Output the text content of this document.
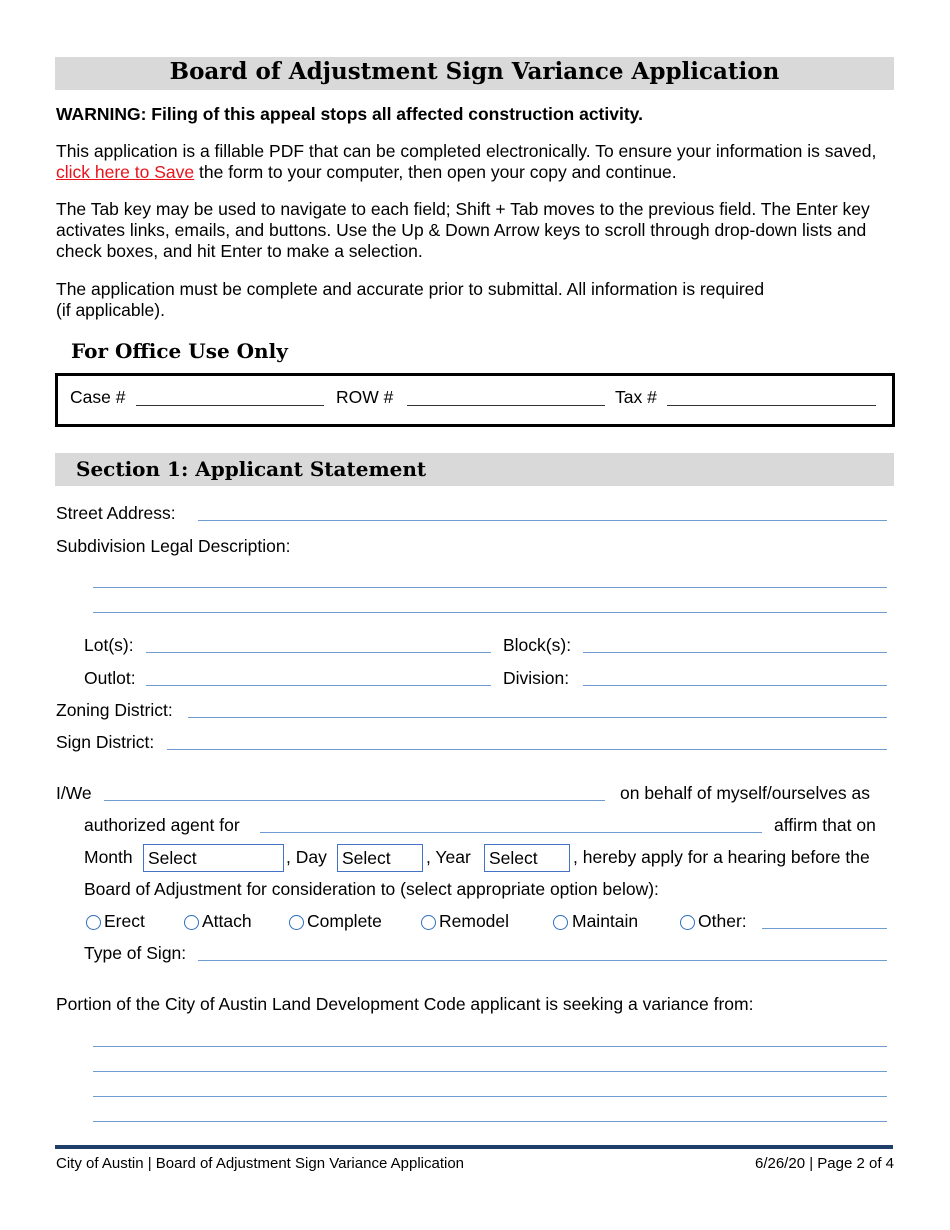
Board of Adjustment Sign Variance Application
WARNING: Filing of this appeal stops all affected construction activity.
This application is a fillable PDF that can be completed electronically. To ensure your information is saved, click here to Save the form to your computer, then open your copy and continue.
The Tab key may be used to navigate to each field; Shift + Tab moves to the previous field. The Enter key activates links, emails, and buttons. Use the Up & Down Arrow keys to scroll through drop-down lists and check boxes, and hit Enter to make a selection.
The application must be complete and accurate prior to submittal. All information is required
(if applicable).
For Office Use Only
Case #	ROW #	Tax #
Section 1: Applicant Statement
Street Address:
Subdivision Legal Description:
Lot(s):	Block(s):
Outlot:	Division:
Zoning District:
Sign District:
I/We	on behalf of myself/ourselves as
authorized agent for	affirm that on
Month Select	, Day Select	, Year Select	, hereby apply for a hearing before the
Board of Adjustment for consideration to (select appropriate option below):
Erect	Attach	Complete	Remodel	Maintain	Other:
Type of Sign:
Portion of the City of Austin Land Development Code applicant is seeking a variance from:
City of Austin | Board of Adjustment Sign Variance Application	6/26/20 | Page 2 of 4
